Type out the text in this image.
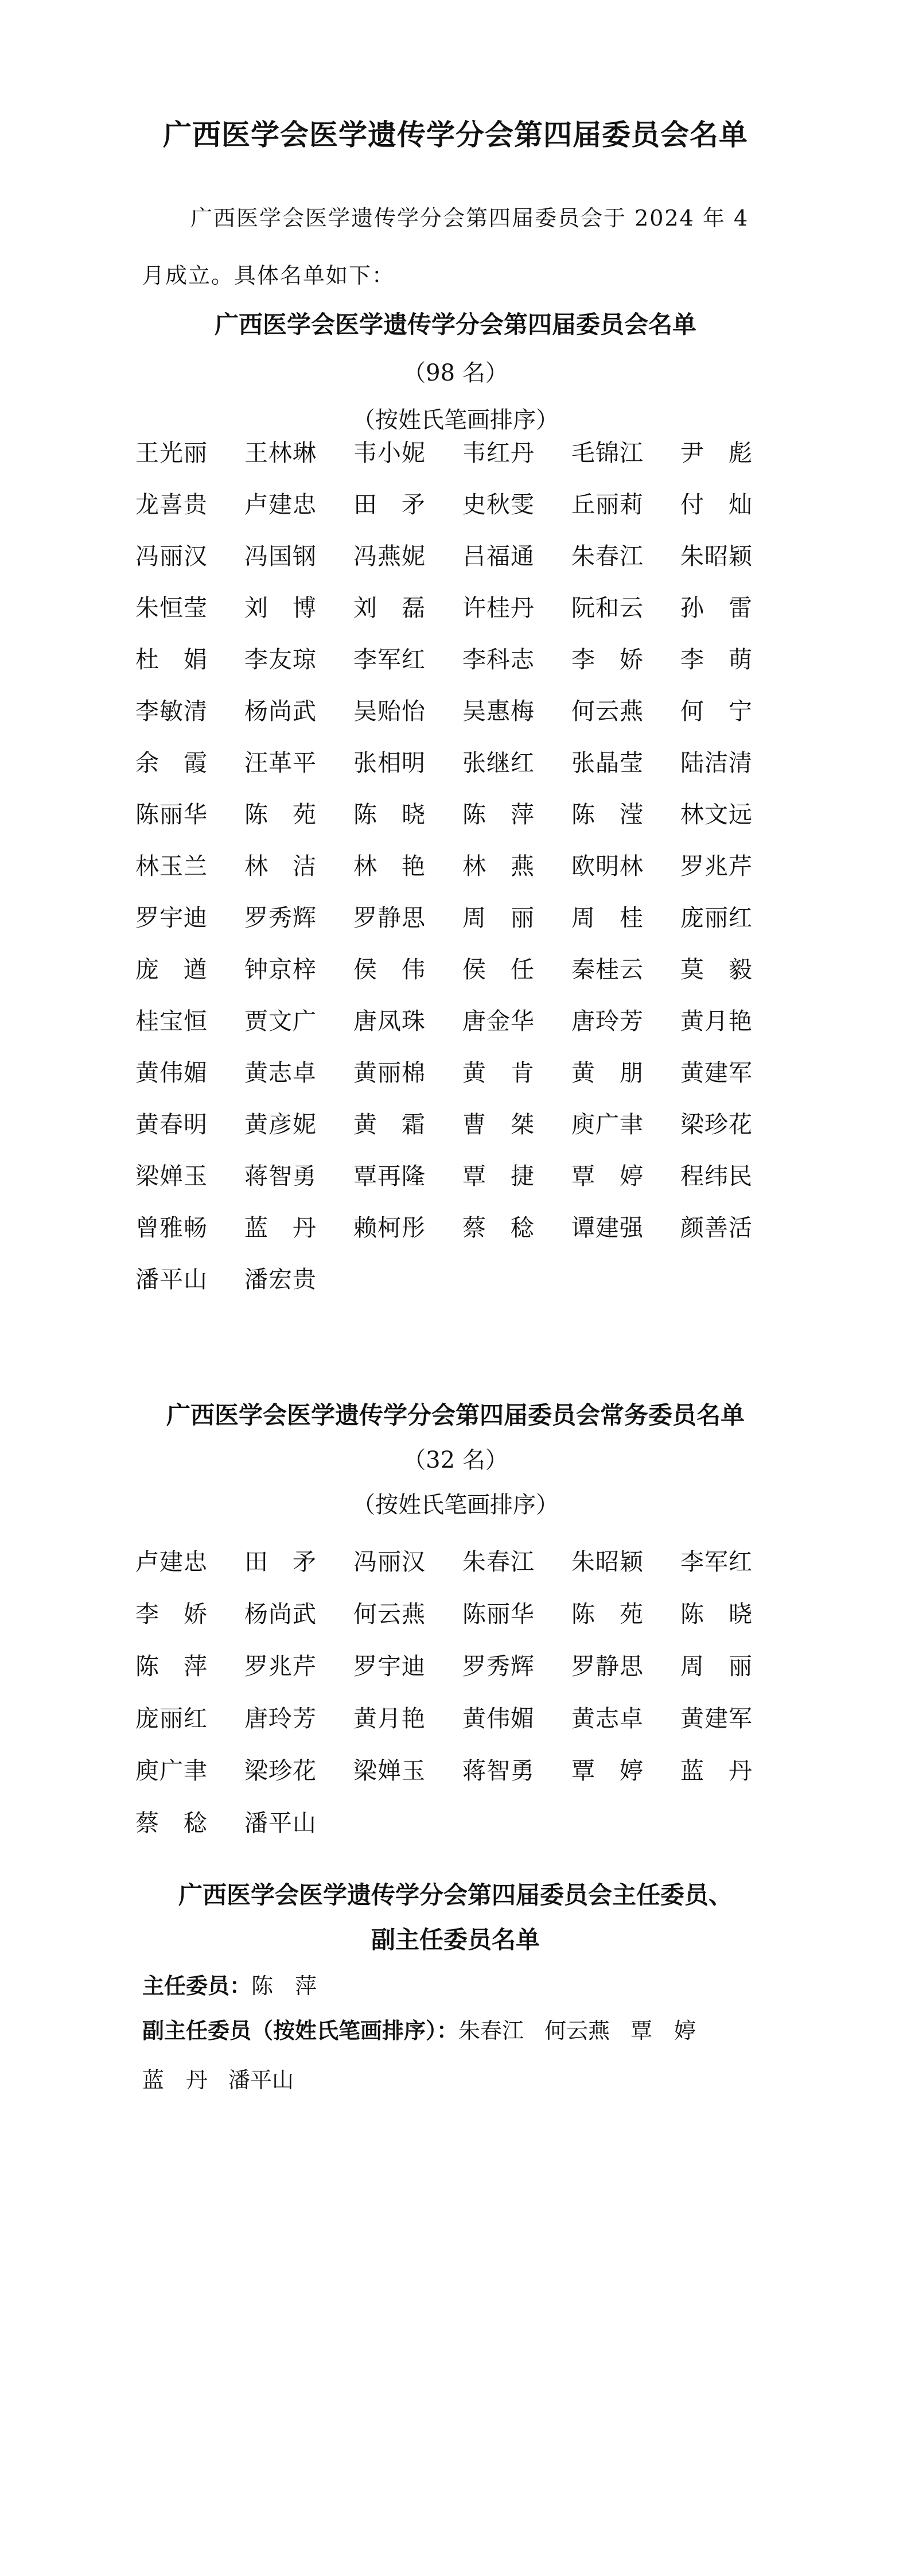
广西医学会医学遗传学分会第四届委员会名单
广西医学会医学遗传学分会第四届委员会于 2024 年 4 月成立。具体名单如下：
广西医学会医学遗传学分会第四届委员会名单
（98 名）
（按姓氏笔画排序）
王光丽	王林琳	韦小妮	韦红丹	毛锦江	尹　彪
龙喜贵	卢建忠	田　矛	史秋雯	丘丽莉	付　灿
冯丽汉	冯国钢	冯燕妮	吕福通	朱春江	朱昭颖
朱恒莹	刘　博	刘　磊	许桂丹	阮和云	孙　雷
杜　娟	李友琼	李军红	李科志	李　娇	李　萌
李敏清	杨尚武	吴贻怡	吴惠梅	何云燕	何　宁
余　霞	汪革平	张相明	张继红	张晶莹	陆洁清
陈丽华	陈　苑	陈　晓	陈　萍	陈　滢	林文远
林玉兰	林　洁	林　艳	林　燕	欧明林	罗兆芹
罗宇迪	罗秀辉	罗静思	周　丽	周　桂	庞丽红
庞　遒	钟京梓	侯　伟	侯　任	秦桂云	莫　毅
桂宝恒	贾文广	唐凤珠	唐金华	唐玲芳	黄月艳
黄伟媚	黄志卓	黄丽棉	黄　肯	黄　朋	黄建军
黄春明	黄彦妮	黄　霜	曹　桀	庾广聿	梁珍花
梁婵玉	蒋智勇	覃再隆	覃　捷	覃　婷	程纬民
曾雅畅	蓝　丹	赖柯彤	蔡　稔	谭建强	颜善活
潘平山	潘宏贵
广西医学会医学遗传学分会第四届委员会常务委员名单
（32 名）
（按姓氏笔画排序）
卢建忠	田　矛	冯丽汉	朱春江	朱昭颖	李军红
李　娇	杨尚武	何云燕	陈丽华	陈　苑	陈　晓
陈　萍	罗兆芹	罗宇迪	罗秀辉	罗静思	周　丽
庞丽红	唐玲芳	黄月艳	黄伟媚	黄志卓	黄建军
庾广聿	梁珍花	梁婵玉	蒋智勇	覃　婷	蓝　丹
蔡　稔	潘平山
广西医学会医学遗传学分会第四届委员会主任委员、
副主任委员名单
主任委员：陈　萍
副主任委员（按姓氏笔画排序）：朱春江 何云燕 覃　婷
蓝　丹 潘平山
